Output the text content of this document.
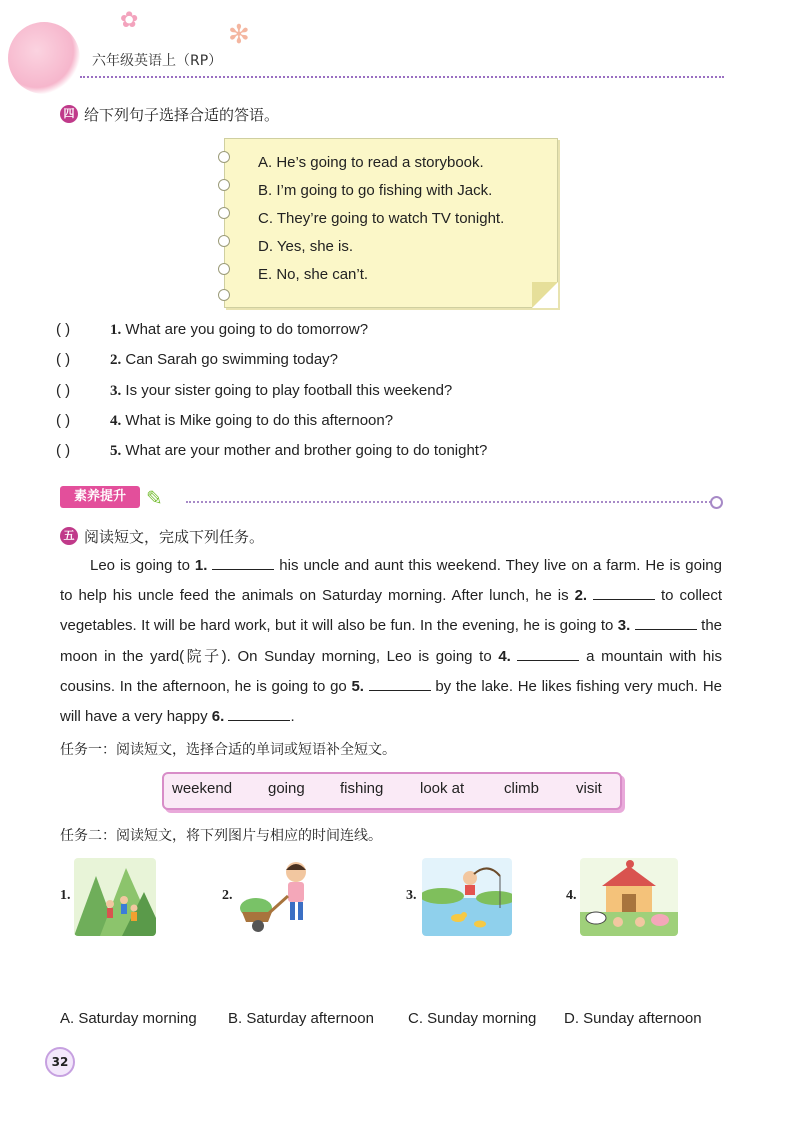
✿	✻
六年级英语上（RP）
四 给下列句子选择合适的答语。
A. He’s going to read a storybook.
B. I’m going to go fishing with Jack.
C. They’re going to watch TV tonight.
D. Yes, she is.
E. No, she can’t.
( )	1. What are you going to do tomorrow?
( )	2. Can Sarah go swimming today?
( )	3. Is your sister going to play football this weekend?
( )	4. What is Mike going to do this afternoon?
( )	5. What are your mother and brother going to do tonight?
素养提升	✎
五 阅读短文，完成下列任务。
Leo is going to 1.	his uncle and aunt this weekend. They live on a farm. He is going to help his uncle feed the animals on Saturday morning. After lunch, he is 2.	to collect vegetables. It will be hard work, but it will also be fun. In the evening, he is going to 3.	the moon in the yard(院子). On Sunday morning, Leo is going to 4.	a mountain with his cousins. In the afternoon, he is going to go 5.	by the lake. He likes fishing very much. He will have a very happy 6.	.
任务一：阅读短文，选择合适的单词或短语补全短文。
weekend going fishing look at	climb visit
任务二：阅读短文，将下列图片与相应的时间连线。
1.	2.	3.	4.
A. Saturday morning B. Saturday afternoon C. Sunday morning D. Sunday afternoon
32
